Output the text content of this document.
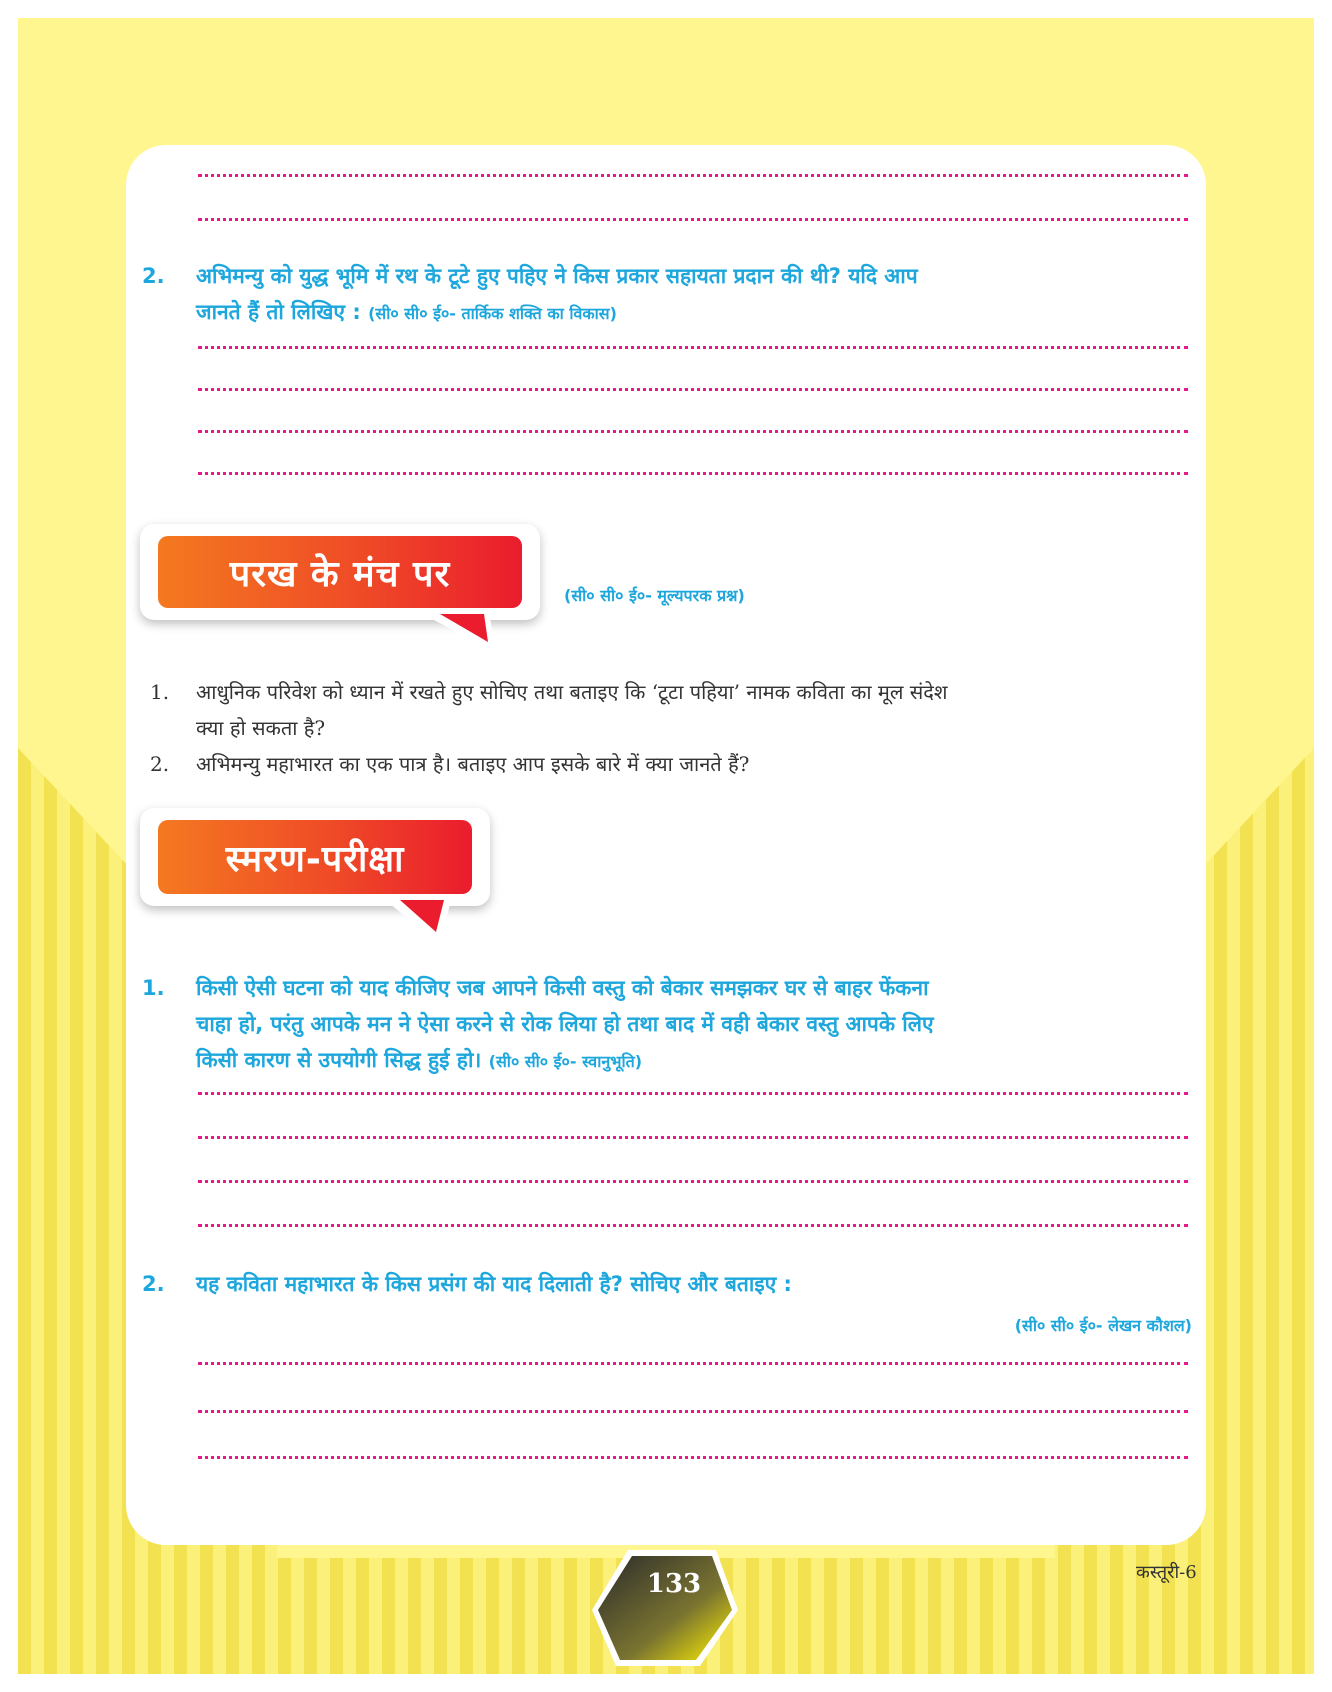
2. अभिमन्यु को युद्ध भूमि में रथ के टूटे हुए पहिए ने किस प्रकार सहायता प्रदान की थी? यदि आप
जानते हैं तो लिखिए : (सी० सी० ई०- तार्किक शक्ति का विकास)
परख के मंच पर
(सी० सी० ई०- मूल्यपरक प्रश्न)
1. आधुनिक परिवेश को ध्यान में रखते हुए सोचिए तथा बताइए कि ‘टूटा पहिया’ नामक कविता का मूल संदेश
क्या हो सकता है?
2. अभिमन्यु महाभारत का एक पात्र है। बताइए आप इसके बारे में क्या जानते हैं?
स्मरण-परीक्षा
1. किसी ऐसी घटना को याद कीजिए जब आपने किसी वस्तु को बेकार समझकर घर से बाहर फेंकना
चाहा हो, परंतु आपके मन ने ऐसा करने से रोक लिया हो तथा बाद में वही बेकार वस्तु आपके लिए
किसी कारण से उपयोगी सिद्ध हुई हो। (सी० सी० ई०- स्वानुभूति)
2. यह कविता महाभारत के किस प्रसंग की याद दिलाती है? सोचिए और बताइए :
(सी० सी० ई०- लेखन कौशल)
133	कस्तूरी-6
